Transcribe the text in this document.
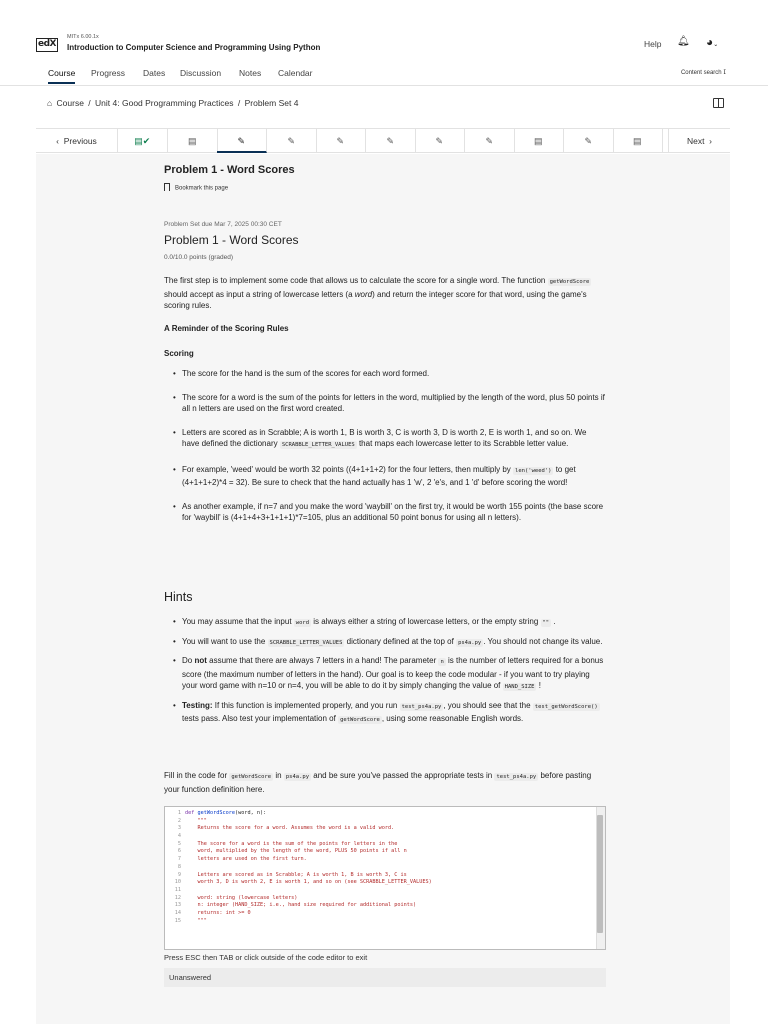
edX
MITx 6.00.1x
Introduction to Computer Science and Programming Using Python	Help 🔔︎ ◕⌄
Course Progress Dates Discussion Notes Calendar	Content search 𝖨
⌂ Course / Unit 4: Good Programming Practices / Problem Set 4
‹  Previous	▤✔	▤	✎	✎	✎	✎	✎	✎	▤	✎	▤	Next  ›
Problem 1 - Word Scores
Bookmark this page
Problem Set due Mar 7, 2025 00:30 CET
Problem 1 - Word Scores
0.0/10.0 points (graded)
The first step is to implement some code that allows us to calculate the score for a single word. The function getWordScore should accept as input a string of lowercase letters (a word) and return the integer score for that word, using the game's scoring rules.
A Reminder of the Scoring Rules
Scoring
• The score for the hand is the sum of the scores for each word formed.
• The score for a word is the sum of the points for letters in the word, multiplied by the length of the word, plus 50 points if all n letters are used on the first word created.
• Letters are scored as in Scrabble; A is worth 1, B is worth 3, C is worth 3, D is worth 2, E is worth 1, and so on. We have defined the dictionary SCRABBLE_LETTER_VALUES that maps each lowercase letter to its Scrabble letter value.
• For example, 'weed' would be worth 32 points ((4+1+1+2) for the four letters, then multiply by len('weed') to get (4+1+1+2)*4 = 32). Be sure to check that the hand actually has 1 'w', 2 'e's, and 1 'd' before scoring the word!
• As another example, if n=7 and you make the word 'waybill' on the first try, it would be worth 155 points (the base score for 'waybill' is (4+1+4+3+1+1+1)*7=105, plus an additional 50 point bonus for using all n letters).
Hints
• You may assume that the input word is always either a string of lowercase letters, or the empty string "" .
• You will want to use the SCRABBLE_LETTER_VALUES dictionary defined at the top of ps4a.py . You should not change its value.
• Do not assume that there are always 7 letters in a hand! The parameter n is the number of letters required for a bonus score (the maximum number of letters in the hand). Our goal is to keep the code modular - if you want to try playing your word game with n=10 or n=4, you will be able to do it by simply changing the value of HAND_SIZE !
• Testing: If this function is implemented properly, and you run test_ps4a.py , you should see that the test_getWordScore() tests pass. Also test your implementation of getWordScore , using some reasonable English words.
Fill in the code for getWordScore in ps4a.py and be sure you've passed the appropriate tests in test_ps4a.py before pasting your function definition here.
1 def getWordScore(word, n):
2    """
3    Returns the score for a word. Assumes the word is a valid word.
4
5    The score for a word is the sum of the points for letters in the
6    word, multiplied by the length of the word, PLUS 50 points if all n
7    letters are used on the first turn.
8
9    Letters are scored as in Scrabble; A is worth 1, B is worth 3, C is
10    worth 3, D is worth 2, E is worth 1, and so on (see SCRABBLE_LETTER_VALUES)
11
12    word: string (lowercase letters)
13    n: integer (HAND_SIZE; i.e., hand size required for additional points)
14    returns: int >= 0
15    """
Press ESC then TAB or click outside of the code editor to exit
Unanswered
